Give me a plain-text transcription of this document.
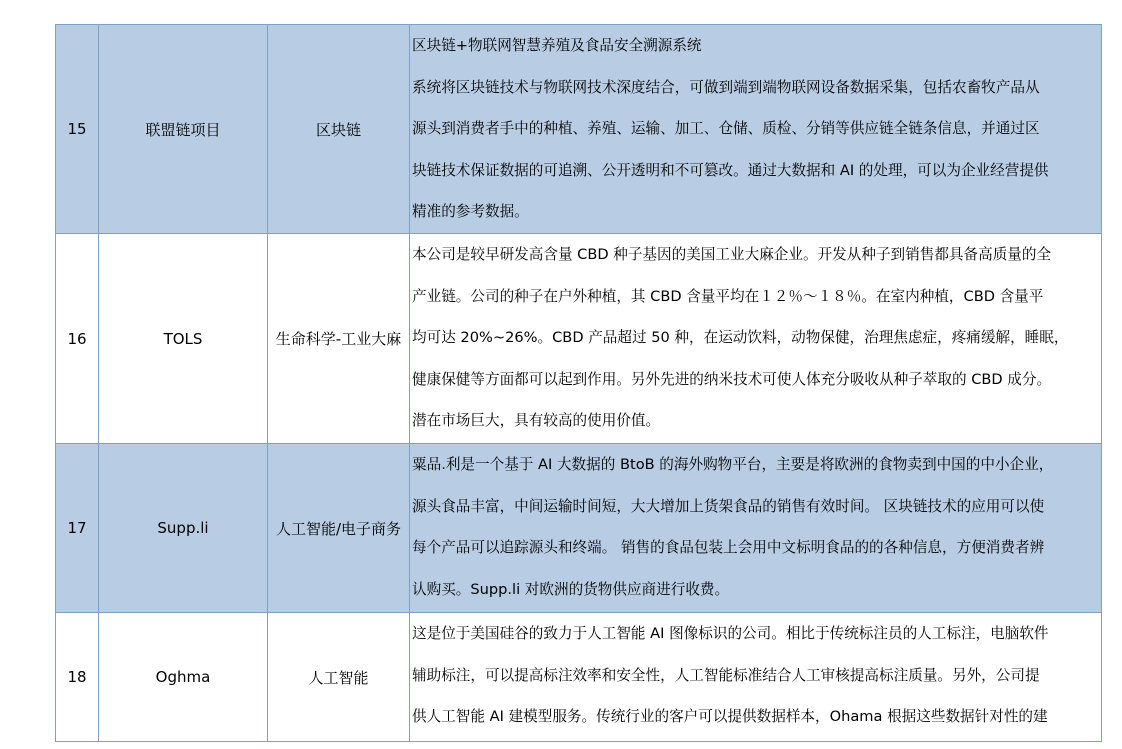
15	联盟链项目	区块链	区块链+物联网智慧养殖及食品安全溯源系统
系统将区块链技术与物联网技术深度结合，可做到端到端物联网设备数据采集，包括农畜牧产品从
源头到消费者手中的种植、养殖、运输、加工、仓储、质检、分销等供应链全链条信息，并通过区
块链技术保证数据的可追溯、公开透明和不可篡改。通过大数据和 AI 的处理，可以为企业经营提供
精准的参考数据。

16	TOLS	生命科学-工业大麻	本公司是较早研发高含量 CBD 种子基因的美国工业大麻企业。开发从种子到销售都具备高质量的全
产业链。公司的种子在户外种植，其 CBD 含量平均在１２％～１８％。在室内种植，CBD 含量平
均可达 20%~26%。CBD 产品超过 50 种，在运动饮料，动物保健，治理焦虑症，疼痛缓解，睡眠，
健康保健等方面都可以起到作用。另外先进的纳米技术可使人体充分吸收从种子萃取的 CBD 成分。
潜在市场巨大，具有较高的使用价值。

17	Supp.li	人工智能/电子商务	粟品.利是一个基于 AI 大数据的 BtoB 的海外购物平台，主要是将欧洲的食物卖到中国的中小企业，
源头食品丰富，中间运输时间短，大大增加上货架食品的销售有效时间。 区块链技术的应用可以使
每个产品可以追踪源头和终端。 销售的食品包装上会用中文标明食品的的各种信息，方便消费者辨
认购买。Supp.li 对欧洲的货物供应商进行收费。

18	Oghma	人工智能	这是位于美国硅谷的致力于人工智能 AI 图像标识的公司。相比于传统标注员的人工标注，电脑软件
辅助标注，可以提高标注效率和安全性，人工智能标准结合人工审核提高标注质量。另外，公司提
供人工智能 AI 建模型服务。传统行业的客户可以提供数据样本，Ohama 根据这些数据针对性的建
